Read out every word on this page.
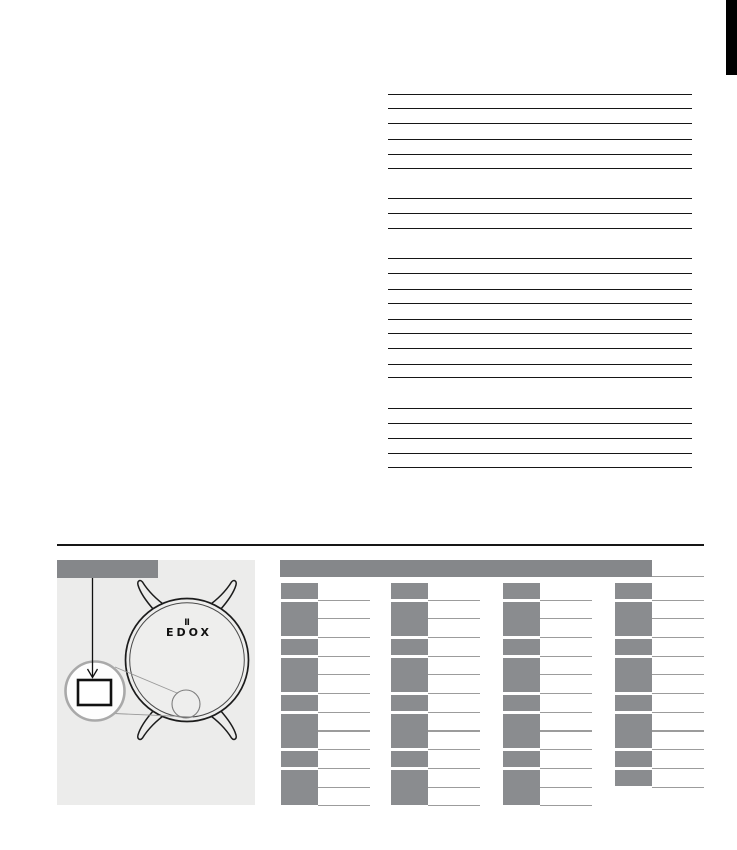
Ⅱ
EDOX
